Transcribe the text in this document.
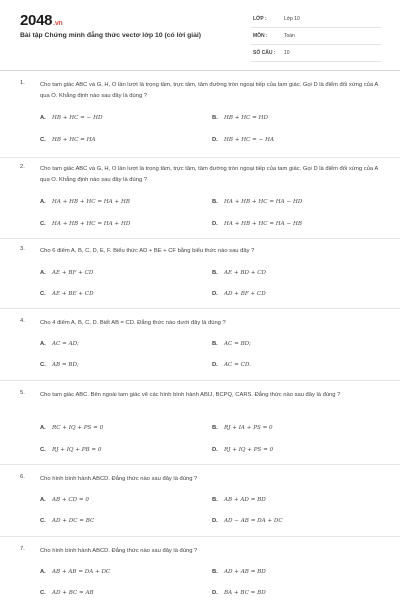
2048.vn
Bài tập Chứng minh đẳng thức vectơ lớp 10 (có lời giải)
LỚP :	Lớp 10
MÔN :	Toán
SỐ CÂU : 10
1.	Cho tam giác ABC và G, H, O lần lượt là trọng tâm, trực tâm, tâm đường tròn ngoại tiếp của tam giác. Gọi D là điểm đối xứng của A qua O. Khẳng định nào sau đây là đúng ?
A. HB + HC = − HD	B. HB + HC = HD
C. HB + HC = HA	D. HB + HC = − HA
2.	Cho tam giác ABC và G, H, O lần lượt là trọng tâm, trực tâm, tâm đường tròn ngoại tiếp của tam giác. Gọi D là điểm đối xứng của A qua O. Khẳng định nào sau đây là đúng ?
A. HA + HB + HC = HA + HB	B. HA + HB + HC = HA − HD
C. HA + HB + HC = HA + HD	D. HA + HB + HC = HA − HB
3.	Cho 6 điểm A, B, C, D, E, F. Biểu thức AD + BE + CF bằng biểu thức nào sau đây ?
A. AE + BF + CD	B. AE + BD + CD
C. AE + BE + CD	D. AD + BF + CD
4.	Cho 4 điểm A, B, C, D. Biết AB = CD. Đẳng thức nào dưới đây là đúng ?
A. AC = AD;	B. AC = BD;
C. AB = BD;	D. AC = CD.
5.	Cho tam giác ABC. Bên ngoài tam giác vẽ các hình bình hành ABIJ, BCPQ, CARS. Đẳng thức nào sau đây là đúng ?
A. RC + IQ + PS = 0	B. RJ + IA + PS = 0
C. RJ + IQ + PB = 0	D. RJ + IQ + PS = 0
6.	Cho hình bình hành ABCD. Đẳng thức nào sau đây là đúng ?
A. AB + CD = 0	B. AB + AD = BD
C. AD + DC = BC	D. AD − AB = DA + DC
7.	Cho hình bình hành ABCD. Đẳng thức nào sau đây là đúng ?
A. AB + AB = DA + DC	B. AD + AB = BD
C. AD + BC = AB	D. BA + BC = BD
